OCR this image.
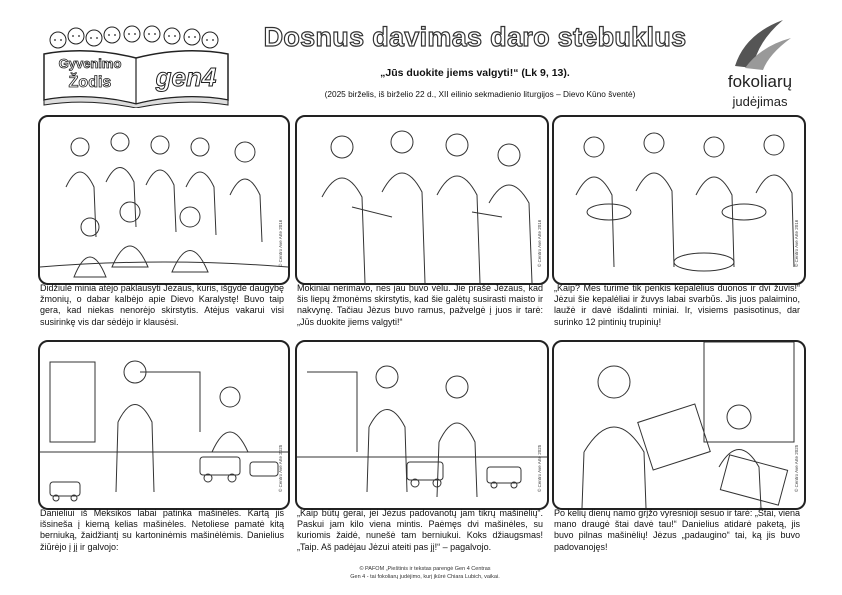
Gyvenimo
Žodis	gen4
Dosnus davimas daro stebuklus
„Jūs duokite jiems valgyti!“ (Lk 9, 13).
(2025 birželis, iš birželio 22 d., XII eilinio sekmadienio liturgijos – Dievo Kūno šventė)
fokoliarų
judėjimas
© Centro Ave Arte 2016	© Centro Ave Arte 2016	© Centro Ave Arte 2016
Didžiulė minia atėjo paklausyti Jėzaus, kuris, išgydė daugybę žmonių, o dabar kalbėjo apie Dievo Karalystę! Buvo taip gera, kad niekas nenorėjo skirstytis. Atėjus vakarui visi susirinkę vis dar sėdėjo ir klausėsi.
Mokiniai nerimavo, nes jau buvo vėlu. Jie prašė Jėzaus, kad šis liepų žmonėms skirstytis, kad šie galėtų susirasti maisto ir nakvynę. Tačiau Jėzus buvo ramus, pažvelgė į juos ir tarė: „Jūs duokite jiems valgyti!“
„Kaip? Mes turime tik penkis kepalėlius duonos ir dvi žuvis!“ Jėzui šie kepalėliai ir žuvys labai svarbūs. Jis juos palaimino, laužė ir davė išdalinti miniai. Ir, visiems pasisotinus, dar surinko 12 pintinių trupinių!
© Centro Ave Arte 2025	© Centro Ave Arte 2025	© Centro Ave Arte 2025
Danieliui iš Meksikos labai patinka mašinėlės. Kartą jis išsineša į kiemą kelias mašinėles. Netoliese pamatė kitą berniuką, žaidžiantį su kartoninėmis mašinėlėmis. Danielius žiūrėjo į jį ir galvojo:
„Kaip būtų gerai, jei Jėzus padovanotų jam tikrų mašinėlių“. Paskui jam kilo viena mintis. Paėmęs dvi mašinėles, su kuriomis žaidė, nunešė tam berniukui. Koks džiaugsmas! „Taip. Aš padėjau Jėzui ateiti pas jį!“ – pagalvojo.
Po kelių dienų namo grįžo vyresnioji sesuo ir tarė: „Štai, viena mano draugė štai davė tau!“ Danielius atidarė paketą, jis buvo pilnas mašinėlių! Jėzus „padaugino“ tai, ką jis buvo padovanojęs!
© PAFOM „Pieštinis ir tekstas parengė Gen 4 Centras
Gen 4 - tai fokoliarų judėjimo, kurį įkūrė Chiara Lubich, vaikai.
